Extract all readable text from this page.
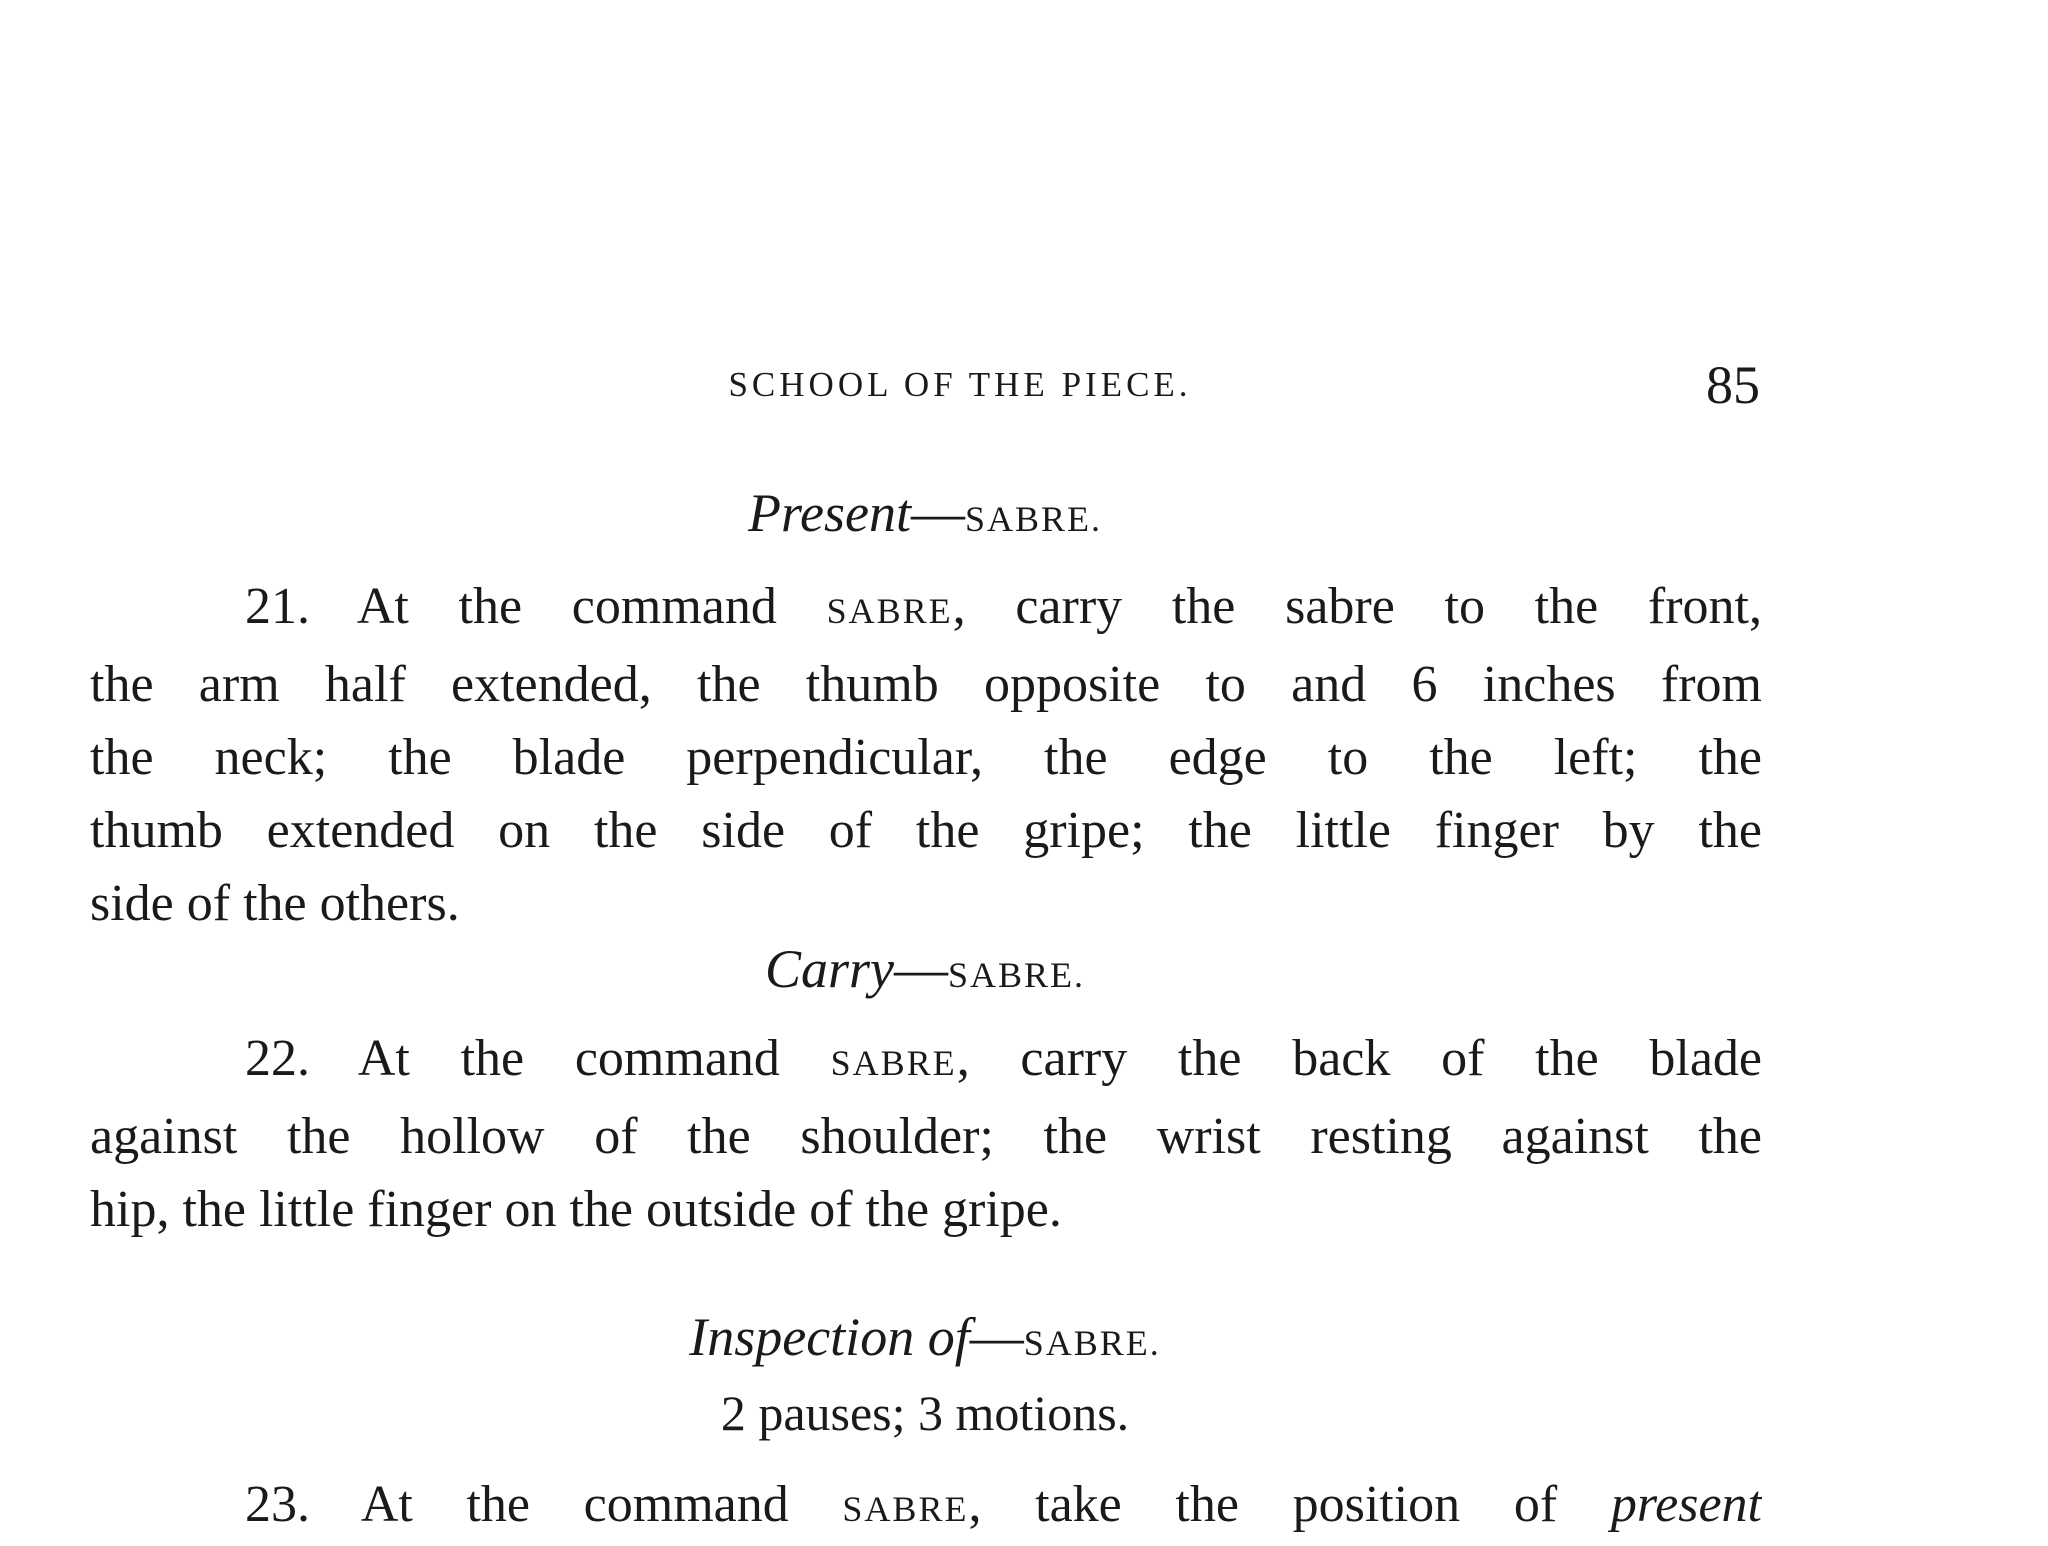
SCHOOL OF THE PIECE.	85
Present—SABRE.
21. At the command SABRE, carry the sabre to the front,
the arm half extended, the thumb opposite to and 6 inches from
the neck; the blade perpendicular, the edge to the left; the
thumb extended on the side of the gripe; the little finger by the
side of the others.
Carry—SABRE.
22. At the command SABRE, carry the back of the blade
against the hollow of the shoulder; the wrist resting against the
hip, the little finger on the outside of the gripe.
Inspection of—SABRE.
2 pauses; 3 motions.
23. At the command SABRE, take the position of present
